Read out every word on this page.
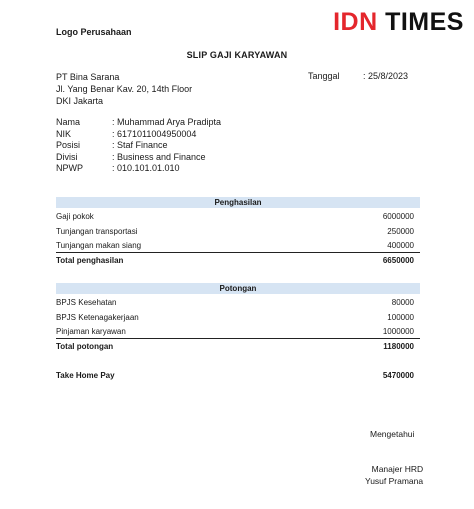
Logo Perusahaan	IDN TIMES
SLIP GAJI KARYAWAN
PT Bina Sarana
Jl. Yang Benar Kav. 20, 14th Floor
DKI Jakarta
Tanggal	: 25/8/2023
Nama	: Muhammad Arya Pradipta
NIK	: 6171011004950004
Posisi	: Staf Finance
Divisi	: Business and Finance
NPWP	: 010.101.01.010
Penghasilan
Gaji pokok	6000000
Tunjangan transportasi	250000
Tunjangan makan siang	400000
Total penghasilan	6650000
Potongan
BPJS Kesehatan	80000
BPJS Ketenagakerjaan	100000
Pinjaman karyawan	1000000
Total potongan	1180000
Take Home Pay	5470000
Mengetahui
Manajer HRD
Yusuf Pramana
